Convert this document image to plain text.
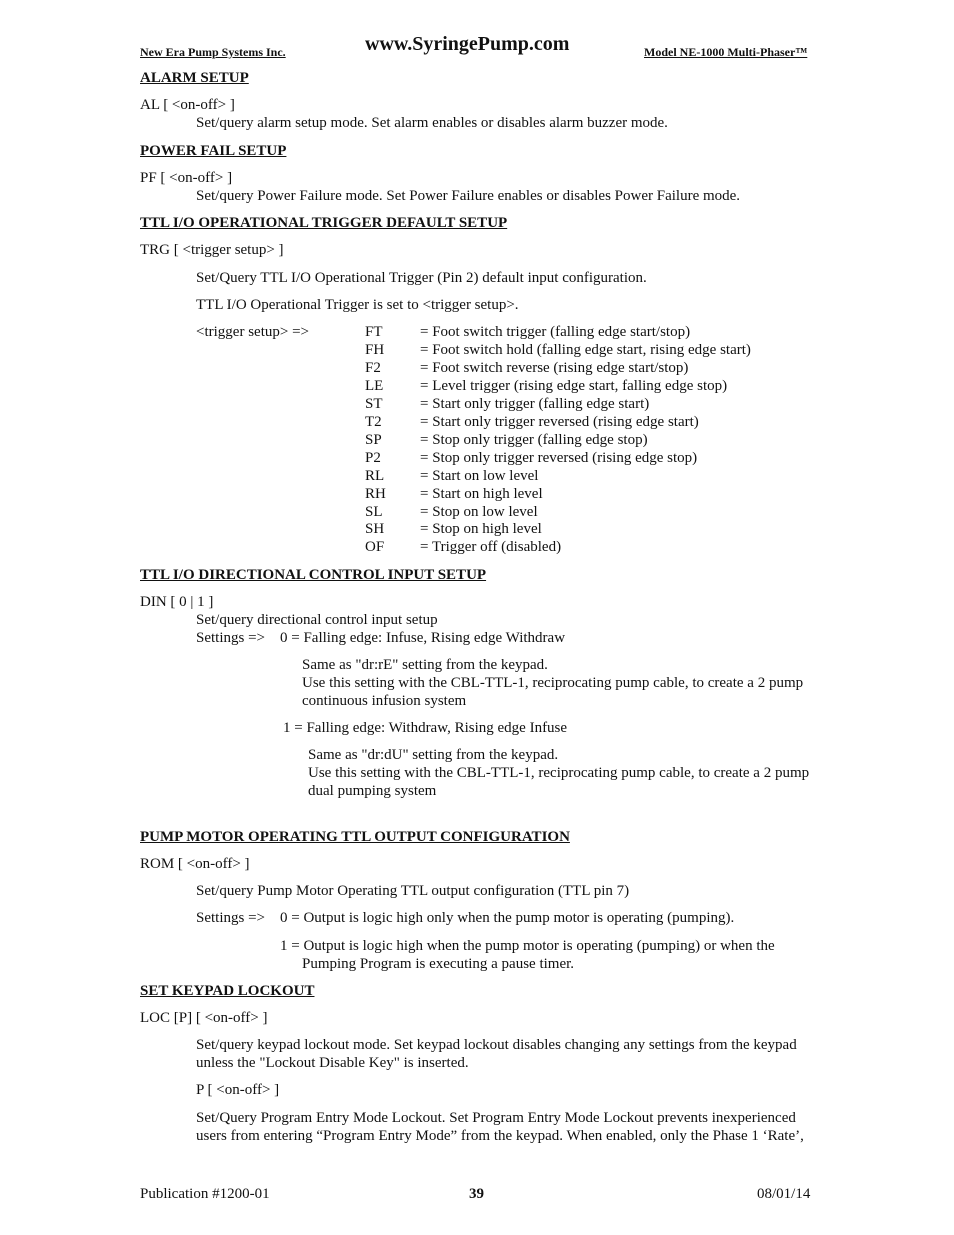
New Era Pump Systems Inc.	www.SyringePump.com	Model NE-1000 Multi-Phaser™
ALARM SETUP
AL [ <on-off> ]
Set/query alarm setup mode. Set alarm enables or disables alarm buzzer mode.
POWER FAIL SETUP
PF [ <on-off> ]
Set/query Power Failure mode. Set Power Failure enables or disables Power Failure mode.
TTL I/O OPERATIONAL TRIGGER DEFAULT SETUP
TRG [ <trigger setup> ]
Set/Query TTL I/O Operational Trigger (Pin 2) default input configuration.
TTL I/O Operational Trigger is set to <trigger setup>.
<trigger setup> =>	FT = Foot switch trigger (falling edge start/stop)
FH = Foot switch hold (falling edge start, rising edge start)
F2	= Foot switch reverse (rising edge start/stop)
LE = Level trigger (rising edge start, falling edge stop)
ST = Start only trigger (falling edge start)
T2	= Start only trigger reversed (rising edge start)
SP	= Stop only trigger (falling edge stop)
P2	= Stop only trigger reversed (rising edge stop)
RL = Start on low level
RH = Start on high level
SL = Stop on low level
SH = Stop on high level
OF = Trigger off (disabled)
TTL I/O DIRECTIONAL CONTROL INPUT SETUP
DIN [ 0 | 1 ]
Set/query directional control input setup
Settings => 0 = Falling edge: Infuse, Rising edge Withdraw
Same as "dr:rE" setting from the keypad.
Use this setting with the CBL-TTL-1, reciprocating pump cable, to create a 2 pump
continuous infusion system
1 = Falling edge: Withdraw, Rising edge Infuse
Same as "dr:dU" setting from the keypad.
Use this setting with the CBL-TTL-1, reciprocating pump cable, to create a 2 pump
dual pumping system
PUMP MOTOR OPERATING TTL OUTPUT CONFIGURATION
ROM [ <on-off> ]
Set/query Pump Motor Operating TTL output configuration (TTL pin 7)
Settings => 0 = Output is logic high only when the pump motor is operating (pumping).
1 = Output is logic high when the pump motor is operating (pumping) or when the
Pumping Program is executing a pause timer.
SET KEYPAD LOCKOUT
LOC [P] [ <on-off> ]
Set/query keypad lockout mode. Set keypad lockout disables changing any settings from the keypad
unless the "Lockout Disable Key" is inserted.
P [ <on-off> ]
Set/Query Program Entry Mode Lockout. Set Program Entry Mode Lockout prevents inexperienced
users from entering “Program Entry Mode” from the keypad. When enabled, only the Phase 1 ‘Rate’,
Publication #1200-01	39	08/01/14
